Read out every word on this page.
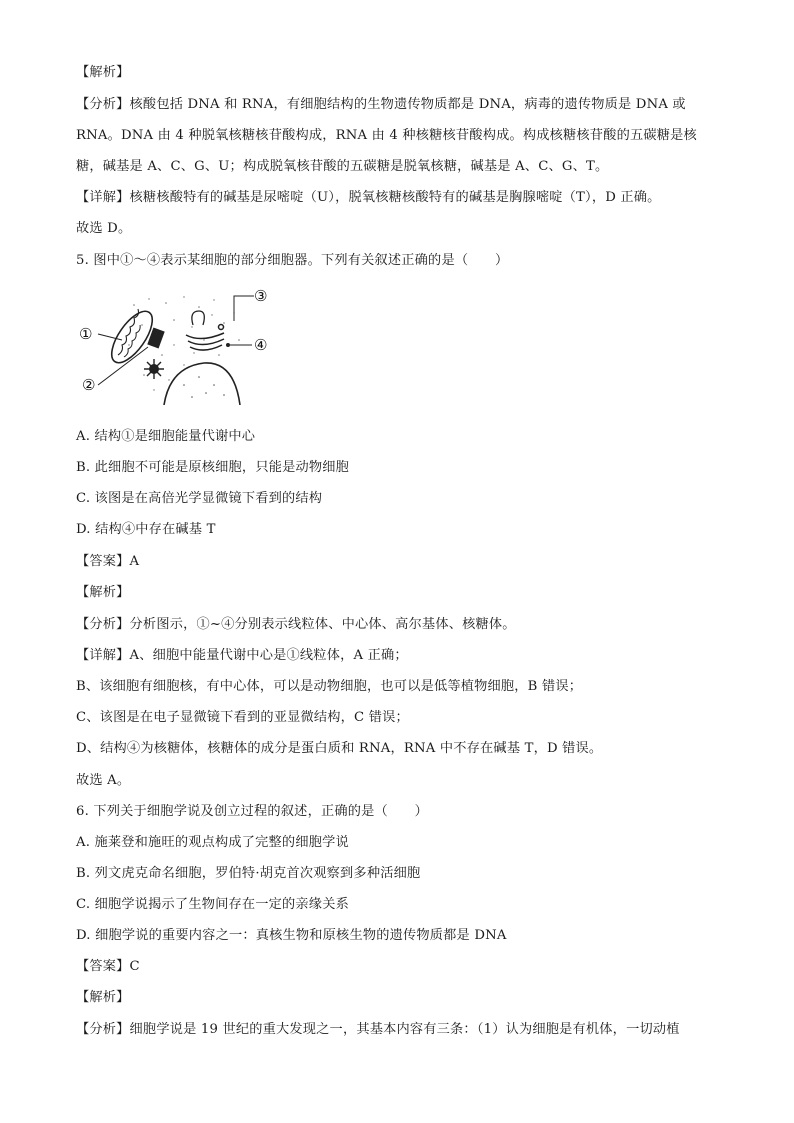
【解析】
【分析】核酸包括 DNA 和 RNA，有细胞结构的生物遗传物质都是 DNA，病毒的遗传物质是 DNA 或
RNA。DNA 由 4 种脱氧核糖核苷酸构成，RNA 由 4 种核糖核苷酸构成。构成核糖核苷酸的五碳糖是核
糖，碱基是 A、C、G、U；构成脱氧核苷酸的五碳糖是脱氧核糖，碱基是 A、C、G、T。
【详解】核糖核酸特有的碱基是尿嘧啶（U），脱氧核糖核酸特有的碱基是胸腺嘧啶（T），D 正确。
故选 D。
5. 图中①～④表示某细胞的部分细胞器。下列有关叙述正确的是（　　）
①
②
③
④
A. 结构①是细胞能量代谢中心
B. 此细胞不可能是原核细胞，只能是动物细胞
C. 该图是在高倍光学显微镜下看到的结构
D. 结构④中存在碱基 T
【答案】A
【解析】
【分析】分析图示，①~④分别表示线粒体、中心体、高尔基体、核糖体。
【详解】A、细胞中能量代谢中心是①线粒体，A 正确；
B、该细胞有细胞核，有中心体，可以是动物细胞，也可以是低等植物细胞，B 错误；
C、该图是在电子显微镜下看到的亚显微结构，C 错误；
D、结构④为核糖体，核糖体的成分是蛋白质和 RNA，RNA 中不存在碱基 T，D 错误。
故选 A。
6. 下列关于细胞学说及创立过程的叙述，正确的是（　　）
A. 施莱登和施旺的观点构成了完整的细胞学说
B. 列文虎克命名细胞，罗伯特·胡克首次观察到多种活细胞
C. 细胞学说揭示了生物间存在一定的亲缘关系
D. 细胞学说的重要内容之一：真核生物和原核生物的遗传物质都是 DNA
【答案】C
【解析】
【分析】细胞学说是 19 世纪的重大发现之一，其基本内容有三条：（1）认为细胞是有机体，一切动植
